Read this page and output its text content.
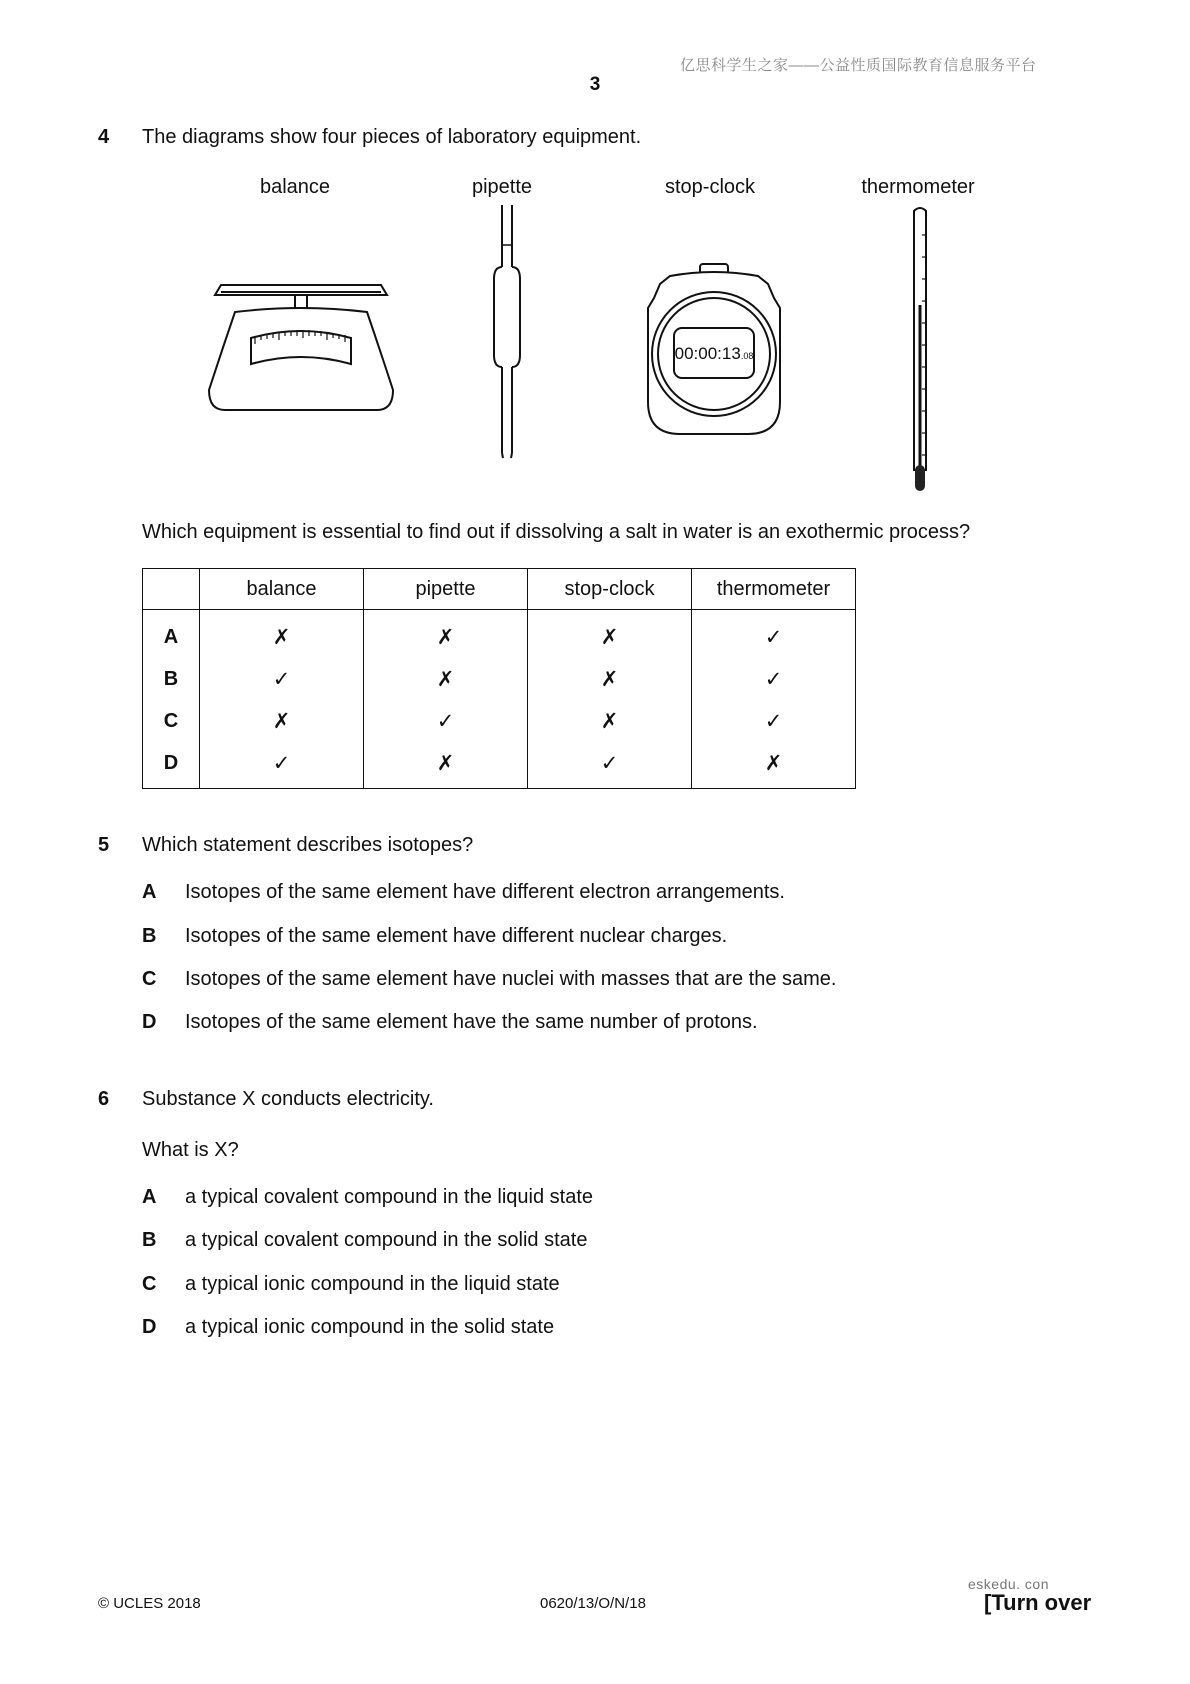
亿思科学生之家——公益性质国际教育信息服务平台
3
4 The diagrams show four pieces of laboratory equipment.
balance	pipette	stop-clock	thermometer
00:00:13.08
Which equipment is essential to find out if dissolving a salt in water is an exothermic process?
	balance	pipette	stop-clock	thermometer
A	✗	✗	✗	✓
B	✓	✗	✗	✓
C	✗	✓	✗	✓
D	✓	✗	✓	✗
5 Which statement describes isotopes?
A Isotopes of the same element have different electron arrangements.
B Isotopes of the same element have different nuclear charges.
C Isotopes of the same element have nuclei with masses that are the same.
D Isotopes of the same element have the same number of protons.
6 Substance X conducts electricity.
What is X?
A a typical covalent compound in the liquid state
B a typical covalent compound in the solid state
C a typical ionic compound in the liquid state
D a typical ionic compound in the solid state
© UCLES 2018	0620/13/O/N/18
eskedu. con
[Turn over
